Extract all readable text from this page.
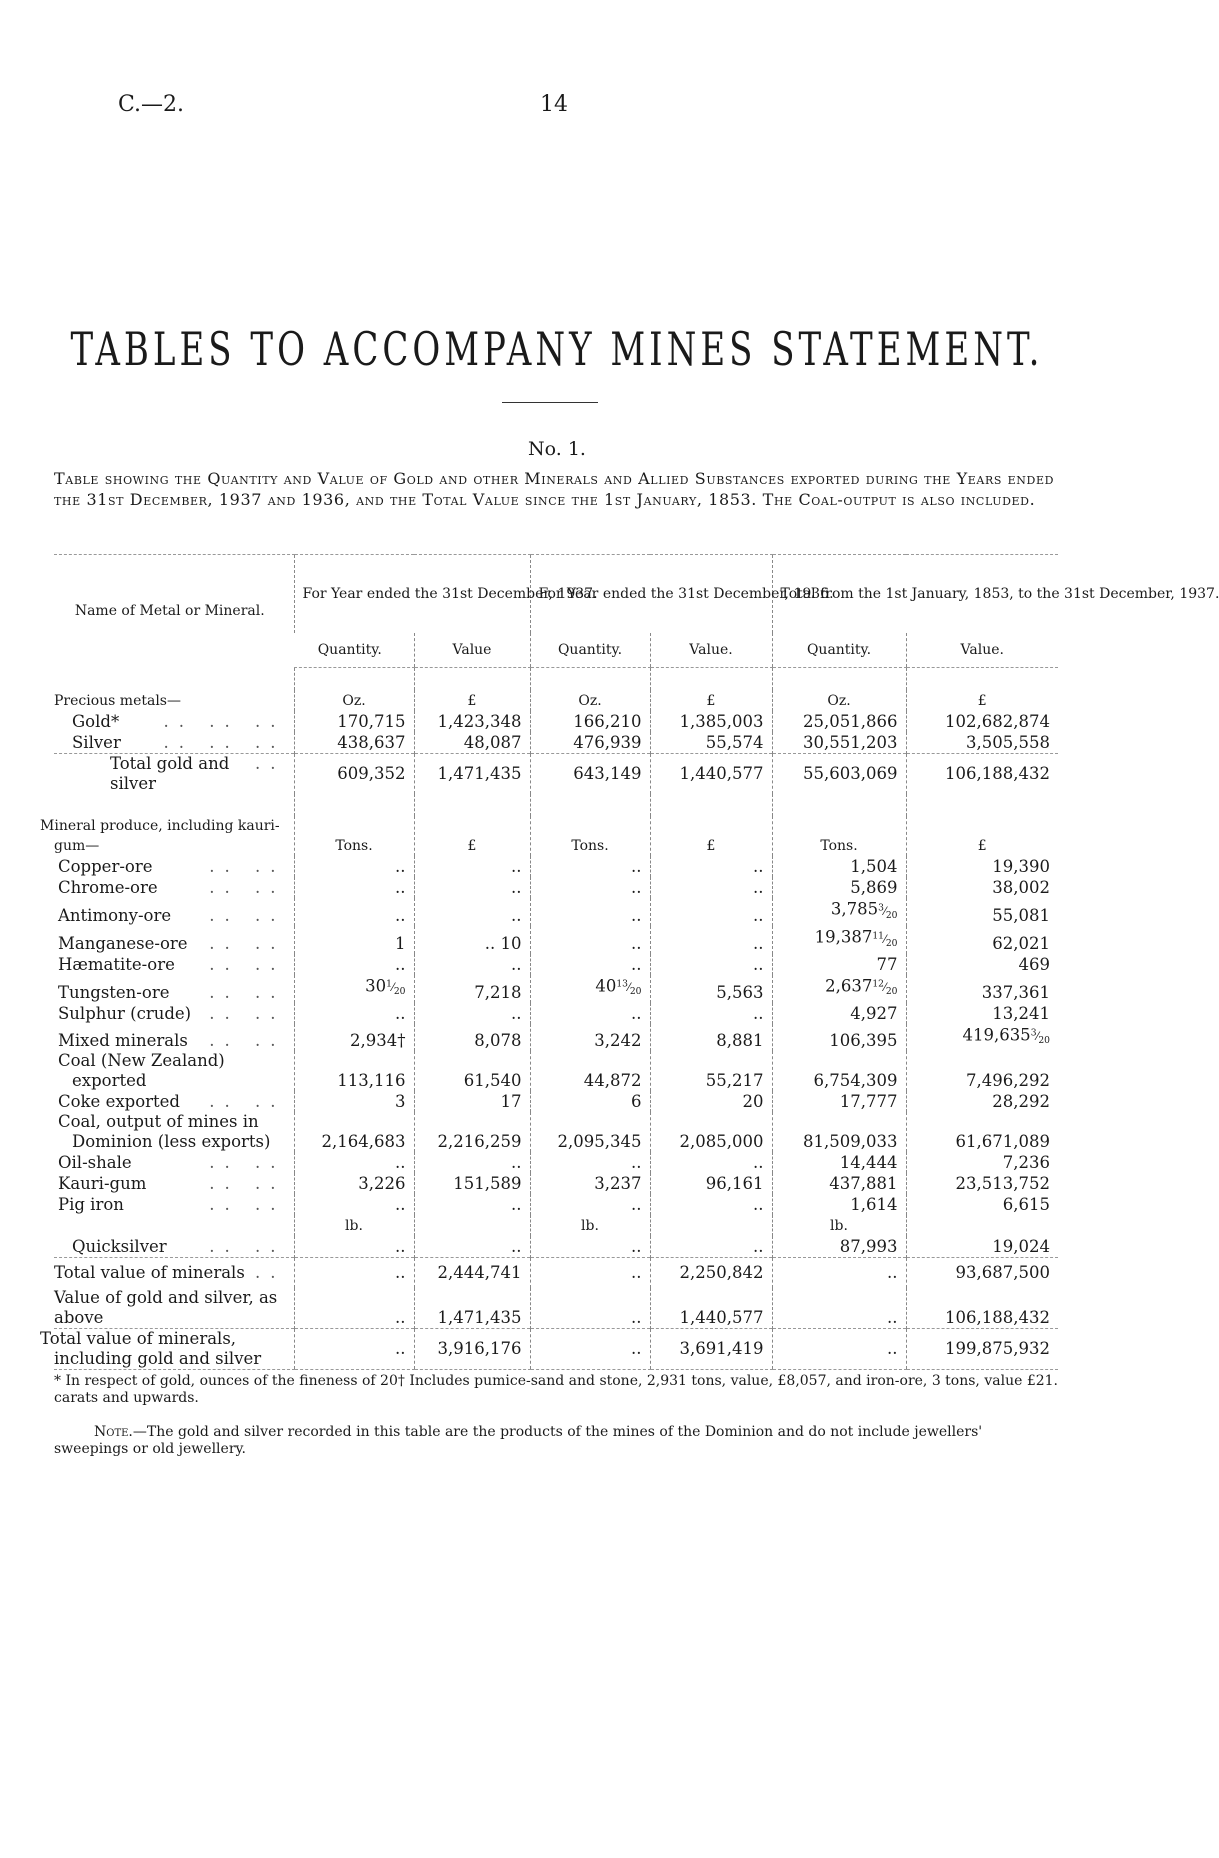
C.—2.	14
TABLES TO ACCOMPANY MINES STATEMENT.
No. 1.
Table showing the Quantity and Value of Gold and other Minerals and Allied Substances exported during the Years ended the 31st December, 1937 and 1936, and the Total Value since the 1st January, 1853. The Coal-output is also included.
Name of Metal or Mineral.	For Year ended the 31st December, 1937.		For Year ended the 31st December, 1936.		Total from the 1st January, 1853, to the 31st December, 1937.	
	Quantity.	Value	Quantity.	Value.	Quantity.	Value.

Precious metals—	Oz.	£	Oz.	£	Oz.	£

.. .. ..
Gold*	170,715	1,423,348	166,210	1,385,003	25,051,866	102,682,874

.. .. ..
Silver	438,637	48,087	476,939	55,574	30,551,203	3,505,558

..
Total gold and silver	609,352	1,471,435	643,149	1,440,577	55,603,069	106,188,432

Mineral produce, including kauri-gum—	Tons.	£	Tons.	£	Tons.	£

.. ..
Copper-ore	..	..	..	..	1,504	19,390

.. ..
Chrome-ore	..	..	..	..	5,869	38,002

.. ..
Antimony-ore	..	..	..	..	$3,785^3⁄_{20}$	55,081

.. ..
Manganese-ore	1	.. 10	..	..	$19,387^{11}⁄_{20}$	62,021

.. ..
Hæmatite-ore	..	..	..	..	77	469

.. ..
Tungsten-ore	$30^1⁄_{20}$	7,218	$40^{13}⁄_{20}$	5,563	$2,637^{12}⁄_{20}$	337,361

.. ..
Sulphur (crude)	..	..	..	..	4,927	13,241

.. ..
Mixed minerals	2,934†	8,078	3,242	8,881	106,395	$419,635^3⁄_{20}$
Coal (New Zealand) exported	113,116	61,540	44,872	55,217	6,754,309	7,496,292

.. ..
Coke exported	3	17	6	20	17,777	28,292
Coal, output of mines in Dominion (less exports)	2,164,683	2,216,259	2,095,345	2,085,000	81,509,033	61,671,089

.. ..
Oil-shale	..	..	..	..	14,444	7,236

.. ..
Kauri-gum	3,226	151,589	3,237	96,161	437,881	23,513,752

.. ..
Pig iron	..	..	..	..	1,614	6,615
	lb.		lb.		lb.	

.. ..
Quicksilver	..	..	..	..	87,993	19,024

..
Total value of minerals	..	2,444,741	..	2,250,842	..	93,687,500
Value of gold and silver, as above	..	1,471,435	..	1,440,577	..	106,188,432
Total value of minerals, including gold and silver	..	3,916,176	..	3,691,419	..	199,875,932
† Includes pumice-sand and stone, 2,931 tons, value, £8,057, and iron-ore, 3 tons, value £21.
* In respect of gold, ounces of the fineness of 20 carats and upwards.
Note.—The gold and silver recorded in this table are the products of the mines of the Dominion and do not include jewellers' sweepings or old jewellery.
